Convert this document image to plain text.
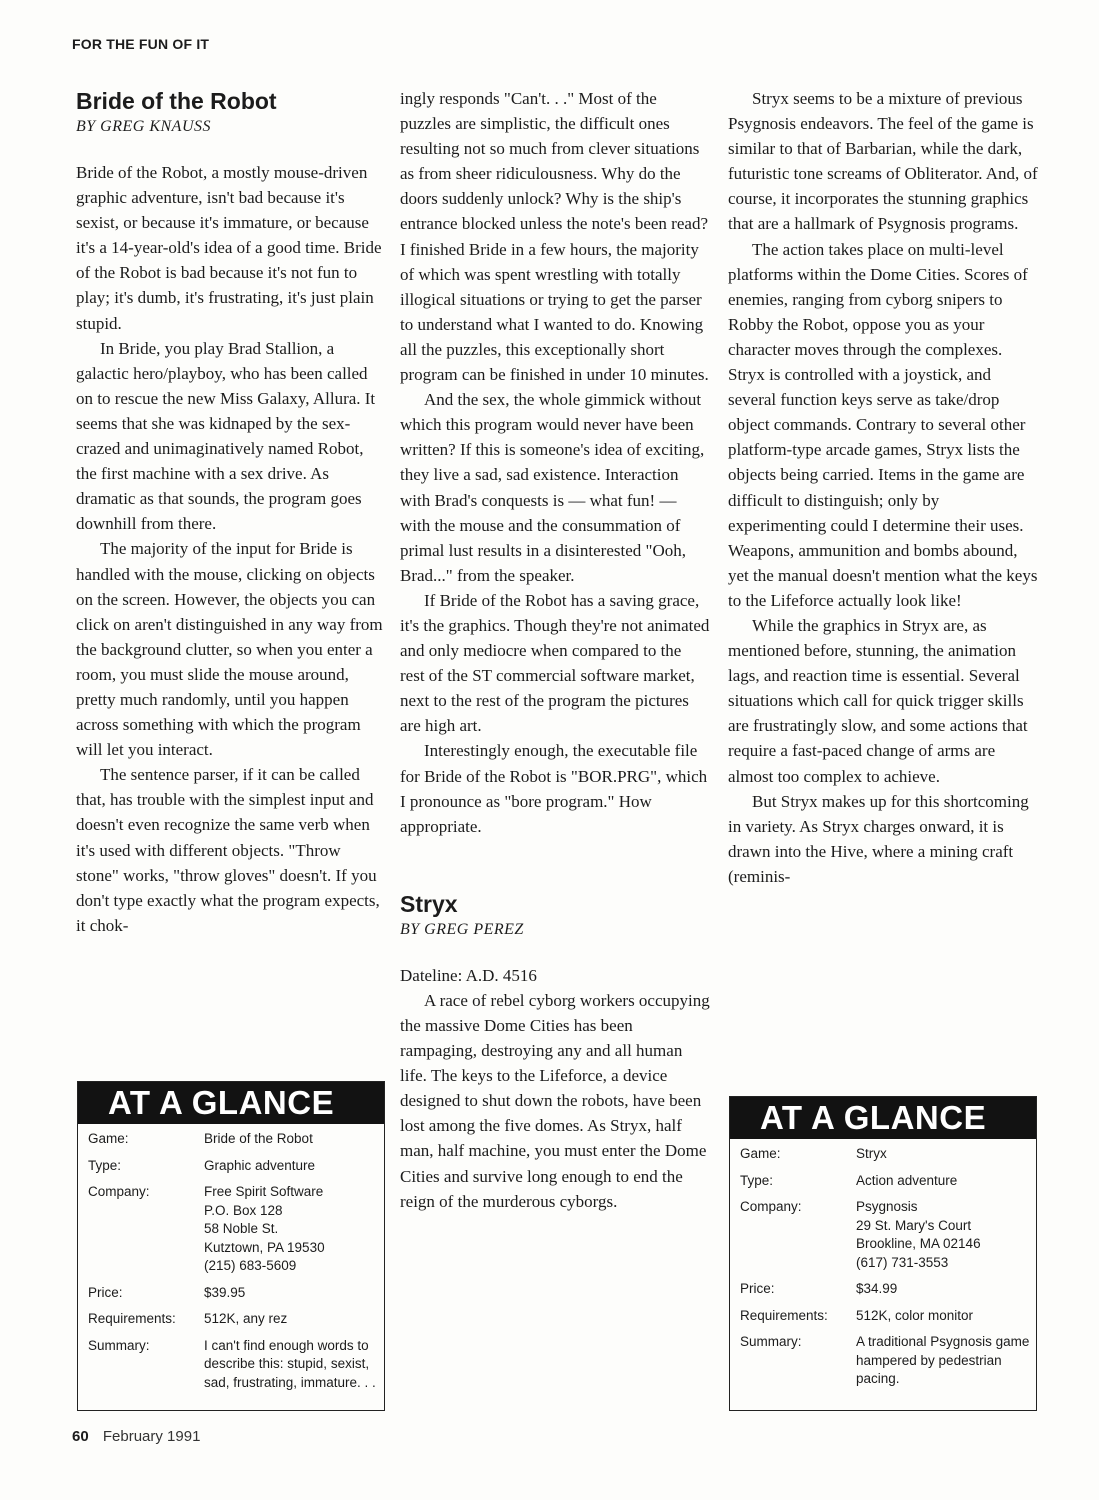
FOR THE FUN OF IT
Bride of the Robot
BY GREG KNAUSS

Bride of the Robot, a mostly mouse-driven graphic adventure, isn't bad because it's sexist, or because it's immature, or because it's a 14-year-old's idea of a good time. Bride of the Robot is bad because it's not fun to play; it's dumb, it's frustrating, it's just plain stupid.

In Bride, you play Brad Stallion, a galactic hero/playboy, who has been called on to rescue the new Miss Galaxy, Allura. It seems that she was kidnaped by the sex-crazed and unimaginatively named Robot, the first machine with a sex drive. As dramatic as that sounds, the program goes downhill from there.

The majority of the input for Bride is handled with the mouse, clicking on objects on the screen. However, the objects you can click on aren't distinguished in any way from the background clutter, so when you enter a room, you must slide the mouse around, pretty much randomly, until you happen across something with which the program will let you interact.

The sentence parser, if it can be called that, has trouble with the simplest input and doesn't even recognize the same verb when it's used with different objects. "Throw stone" works, "throw gloves" doesn't. If you don't type exactly what the program expects, it chok-

ingly responds "Can't. . ." Most of the puzzles are simplistic, the difficult ones resulting not so much from clever situations as from sheer ridiculousness. Why do the doors suddenly unlock? Why is the ship's entrance blocked unless the note's been read? I finished Bride in a few hours, the majority of which was spent wrestling with totally illogical situations or trying to get the parser to understand what I wanted to do. Knowing all the puzzles, this exceptionally short program can be finished in under 10 minutes.

And the sex, the whole gimmick without which this program would never have been written? If this is someone's idea of exciting, they live a sad, sad existence. Interaction with Brad's conquests is — what fun! — with the mouse and the consummation of primal lust results in a disinterested "Ooh, Brad..." from the speaker.

If Bride of the Robot has a saving grace, it's the graphics. Though they're not animated and only mediocre when compared to the rest of the ST commercial software market, next to the rest of the program the pictures are high art.

Interestingly enough, the executable file for Bride of the Robot is "BOR.PRG", which I pronounce as "bore program." How appropriate.

Stryx
BY GREG PEREZ

Dateline: A.D. 4516

A race of rebel cyborg workers occupying the massive Dome Cities has been rampaging, destroying any and all human life. The keys to the Lifeforce, a device designed to shut down the robots, have been lost among the five domes. As Stryx, half man, half machine, you must enter the Dome Cities and survive long enough to end the reign of the murderous cyborgs.

Stryx seems to be a mixture of previous Psygnosis endeavors. The feel of the game is similar to that of Barbarian, while the dark, futuristic tone screams of Obliterator. And, of course, it incorporates the stunning graphics that are a hallmark of Psygnosis programs.

The action takes place on multi-level platforms within the Dome Cities. Scores of enemies, ranging from cyborg snipers to Robby the Robot, oppose you as your character moves through the complexes. Stryx is controlled with a joystick, and several function keys serve as take/drop object commands. Contrary to several other platform-type arcade games, Stryx lists the objects being carried. Items in the game are difficult to distinguish; only by experimenting could I determine their uses. Weapons, ammunition and bombs abound, yet the manual doesn't mention what the keys to the Lifeforce actually look like!

While the graphics in Stryx are, as mentioned before, stunning, the animation lags, and reaction time is essential. Several situations which call for quick trigger skills are frustratingly slow, and some actions that require a fast-paced change of arms are almost too complex to achieve.

But Stryx makes up for this shortcoming in variety. As Stryx charges onward, it is drawn into the Hive, where a mining craft (reminis-

AT A GLANCE
Game:	Bride of the Robot
Type:	Graphic adventure
Company:	Free Spirit Software
P.O. Box 128
58 Noble St.
Kutztown, PA 19530
(215) 683-5609
Price:	$39.95
Requirements:	512K, any rez
Summary:	I can't find enough words to describe this: stupid, sexist, sad, frustrating, immature. . .
AT A GLANCE
Game:	Stryx
Type:	Action adventure
Company:	Psygnosis
29 St. Mary's Court
Brookline, MA 02146
(617) 731-3553
Price:	$34.99
Requirements:	512K, color monitor
Summary:	A traditional Psygnosis game hampered by pedestrian pacing.
60 February 1991
